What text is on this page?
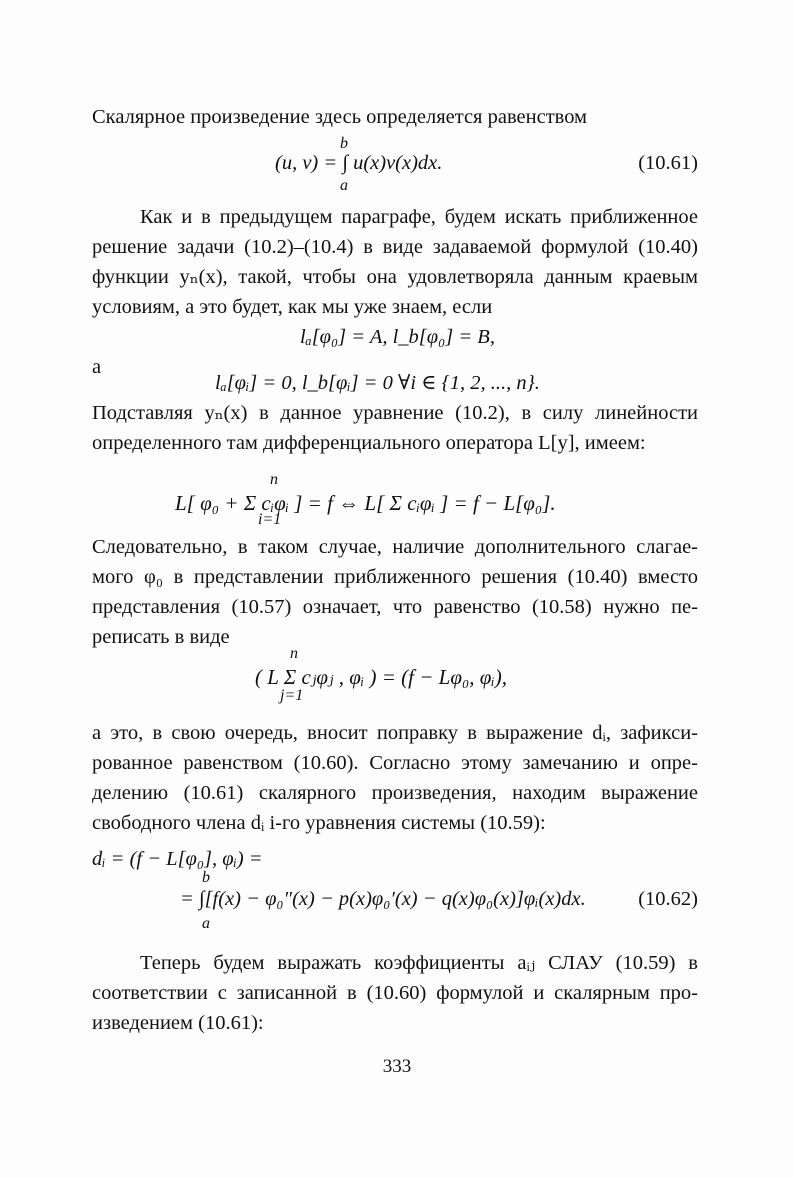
Скалярное произведение здесь определяется равенством
b
(u, v) = ∫ u(x)v(x)dx.
a
(10.61)
Как и в предыдущем параграфе, будем искать приближенное
решение задачи (10.2)–(10.4) в виде задаваемой формулой (10.40)
функции yₙ(x), такой, чтобы она удовлетворяла данным краевым
условиям, а это будет, как мы уже знаем, если
lₐ[φ₀] = A, l_b[φ₀] = B,
а
lₐ[φᵢ] = 0, l_b[φᵢ] = 0 ∀i ∈ {1, 2, ..., n}.
Подставляя yₙ(x) в данное уравнение (10.2), в силу линейности
определенного там дифференциального оператора L[y], имеем:
n
L[ φ₀ + Σ cᵢφᵢ ] = f ⇔ L[ Σ cᵢφᵢ ] = f − L[φ₀].
i=1
Следовательно, в таком случае, наличие дополнительного слагае-
мого φ₀ в представлении приближенного решения (10.40) вместо
представления (10.57) означает, что равенство (10.58) нужно пе-
реписать в виде
n
( L Σ cⱼφⱼ , φᵢ ) = (f − Lφ₀, φᵢ),
j=1
а это, в свою очередь, вносит поправку в выражение dᵢ, зафикси-
рованное равенством (10.60). Согласно этому замечанию и опре-
делению (10.61) скалярного произведения, находим выражение
свободного члена dᵢ i-го уравнения системы (10.59):
dᵢ = (f − L[φ₀], φᵢ) =
b
= ∫[f(x) − φ₀″(x) − p(x)φ₀′(x) − q(x)φ₀(x)]φᵢ(x)dx.
a
(10.62)
Теперь будем выражать коэффициенты aᵢⱼ СЛАУ (10.59) в
соответствии с записанной в (10.60) формулой и скалярным про-
изведением (10.61):
333
